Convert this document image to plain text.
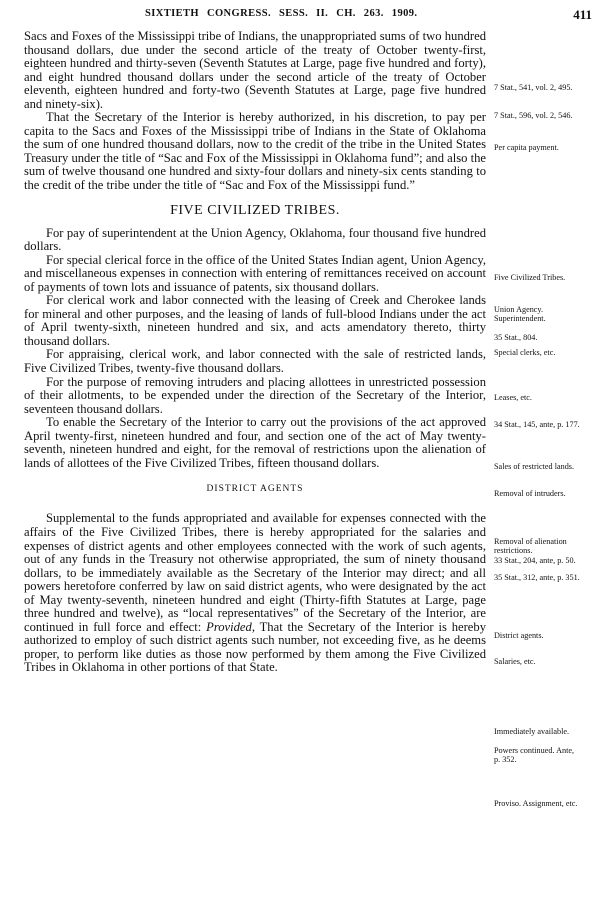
SIXTIETH CONGRESS. SESS. II. CH. 263. 1909.	411

Sacs and Foxes of the Mississippi tribe of Indians, the unappropriated sums of two hundred thousand dollars, due under the second article of the treaty of October twenty-first, eighteen hundred and thirty-seven (Seventh Statutes at Large, page five hundred and forty), and eight hundred thousand dollars under the second article of the treaty of October eleventh, eighteen hundred and forty-two (Seventh Statutes at Large, page five hundred and ninety-six).

That the Secretary of the Interior is hereby authorized, in his discretion, to pay per capita to the Sacs and Foxes of the Mississippi tribe of Indians in the State of Oklahoma the sum of one hundred thousand dollars, now to the credit of the tribe in the United States Treasury under the title of “Sac and Fox of the Mississippi in Oklahoma fund”; and also the sum of twelve thousand one hundred and sixty-four dollars and ninety-six cents standing to the credit of the tribe under the title of “Sac and Fox of the Mississippi fund.”

FIVE CIVILIZED TRIBES.

For pay of superintendent at the Union Agency, Oklahoma, four thousand five hundred dollars.

For special clerical force in the office of the United States Indian agent, Union Agency, and miscellaneous expenses in connection with entering of remittances received on account of payments of town lots and issuance of patents, six thousand dollars.

For clerical work and labor connected with the leasing of Creek and Cherokee lands for mineral and other purposes, and the leasing of lands of full-blood Indians under the act of April twenty-sixth, nineteen hundred and six, and acts amendatory thereto, thirty thousand dollars.

For appraising, clerical work, and labor connected with the sale of restricted lands, Five Civilized Tribes, twenty-five thousand dollars.

For the purpose of removing intruders and placing allottees in unrestricted possession of their allotments, to be expended under the direction of the Secretary of the Interior, seventeen thousand dollars.

To enable the Secretary of the Interior to carry out the provisions of the act approved April twenty-first, nineteen hundred and four, and section one of the act of May twenty-seventh, nineteen hundred and eight, for the removal of restrictions upon the alienation of lands of allottees of the Five Civilized Tribes, fifteen thousand dollars.

DISTRICT AGENTS

Supplemental to the funds appropriated and available for expenses connected with the affairs of the Five Civilized Tribes, there is hereby appropriated for the salaries and expenses of district agents and other employees connected with the work of such agents, out of any funds in the Treasury not otherwise appropriated, the sum of ninety thousand dollars, to be immediately available as the Secretary of the Interior may direct; and all powers heretofore conferred by law on said district agents, who were designated by the act of May twenty-seventh, nineteen hundred and eight (Thirty-fifth Statutes at Large, page three hundred and twelve), as “local representatives” of the Secretary of the Interior, are continued in full force and effect: Provided, That the Secretary of the Interior is hereby authorized to employ of such district agents such number, not exceeding five, as he deems proper, to perform like duties as those now performed by them among the Five Civilized Tribes in Oklahoma in other portions of that State.

7 Stat., 541, vol. 2, 495.
7 Stat., 596, vol. 2, 546.
Per capita payment.
Five Civilized Tribes.
Union Agency. Superintendent.
35 Stat., 804.
Special clerks, etc.
Leases, etc.
34 Stat., 145, ante, p. 177.
Sales of restricted lands.
Removal of intruders.
Removal of alienation restrictions.
33 Stat., 204, ante, p. 50.
35 Stat., 312, ante, p. 351.
District agents.
Salaries, etc.
Immediately available.
Powers continued. Ante, p. 352.
Proviso. Assignment, etc.
